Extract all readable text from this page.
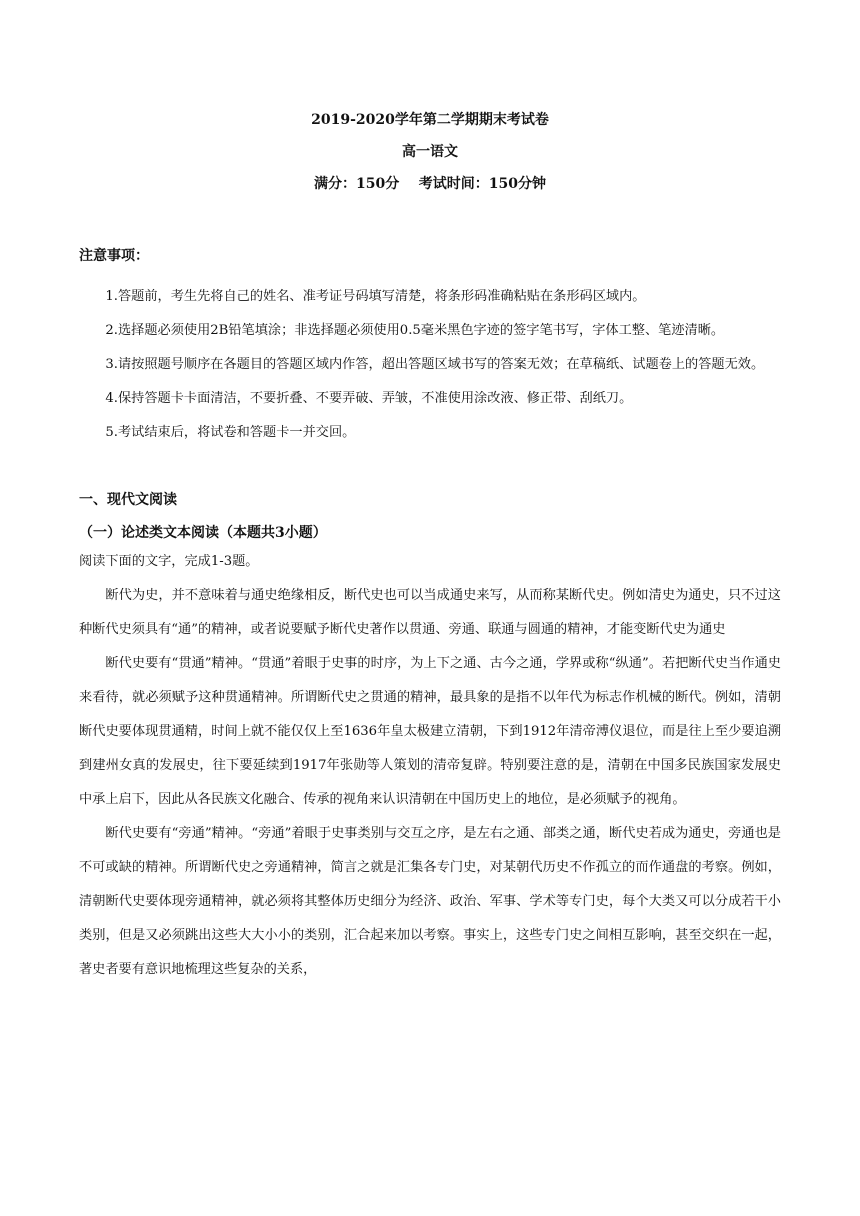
2019-2020学年第二学期期末考试卷
高一语文
满分：150分    考试时间：150分钟
注意事项：

1.答题前，考生先将自己的姓名、准考证号码填写清楚，将条形码准确粘贴在条形码区域内。

2.选择题必须使用2B铅笔填涂；非选择题必须使用0.5毫米黑色字迹的签字笔书写，字体工整、笔迹清晰。

3.请按照题号顺序在各题目的答题区域内作答，超出答题区域书写的答案无效；在草稿纸、试题卷上的答题无效。

4.保持答题卡卡面清洁，不要折叠、不要弄破、弄皱，不准使用涂改液、修正带、刮纸刀。

5.考试结束后，将试卷和答题卡一并交回。

一、现代文阅读
（一）论述类文本阅读（本题共3小题）

阅读下面的文字，完成1-3题。

断代为史，并不意味着与通史绝缘相反，断代史也可以当成通史来写，从而称某断代史。例如清史为通史，只不过这种断代史须具有“通”的精神，或者说要赋予断代史著作以贯通、旁通、联通与圆通的精神，才能变断代史为通史

断代史要有“贯通”精神。“贯通”着眼于史事的时序，为上下之通、古今之通，学界或称“纵通”。若把断代史当作通史来看待，就必须赋予这种贯通精神。所谓断代史之贯通的精神，最具象的是指不以年代为标志作机械的断代。例如，清朝断代史要体现贯通精，时间上就不能仅仅上至1636年皇太极建立清朝，下到1912年清帝溥仪退位，而是往上至少要追溯到建州女真的发展史，往下要延续到1917年张勋等人策划的清帝复辟。特别要注意的是，清朝在中国多民族国家发展史中承上启下，因此从各民族文化融合、传承的视角来认识清朝在中国历史上的地位，是必须赋予的视角。

断代史要有“旁通”精神。“旁通”着眼于史事类别与交互之序，是左右之通、部类之通，断代史若成为通史，旁通也是不可或缺的精神。所谓断代史之旁通精神，简言之就是汇集各专门史，对某朝代历史不作孤立的而作通盘的考察。例如，清朝断代史要体现旁通精神，就必须将其整体历史细分为经济、政治、军事、学术等专门史，每个大类又可以分成若干小类别，但是又必须跳出这些大大小小的类别，汇合起来加以考察。事实上，这些专门史之间相互影响，甚至交织在一起，著史者要有意识地梳理这些复杂的关系，
